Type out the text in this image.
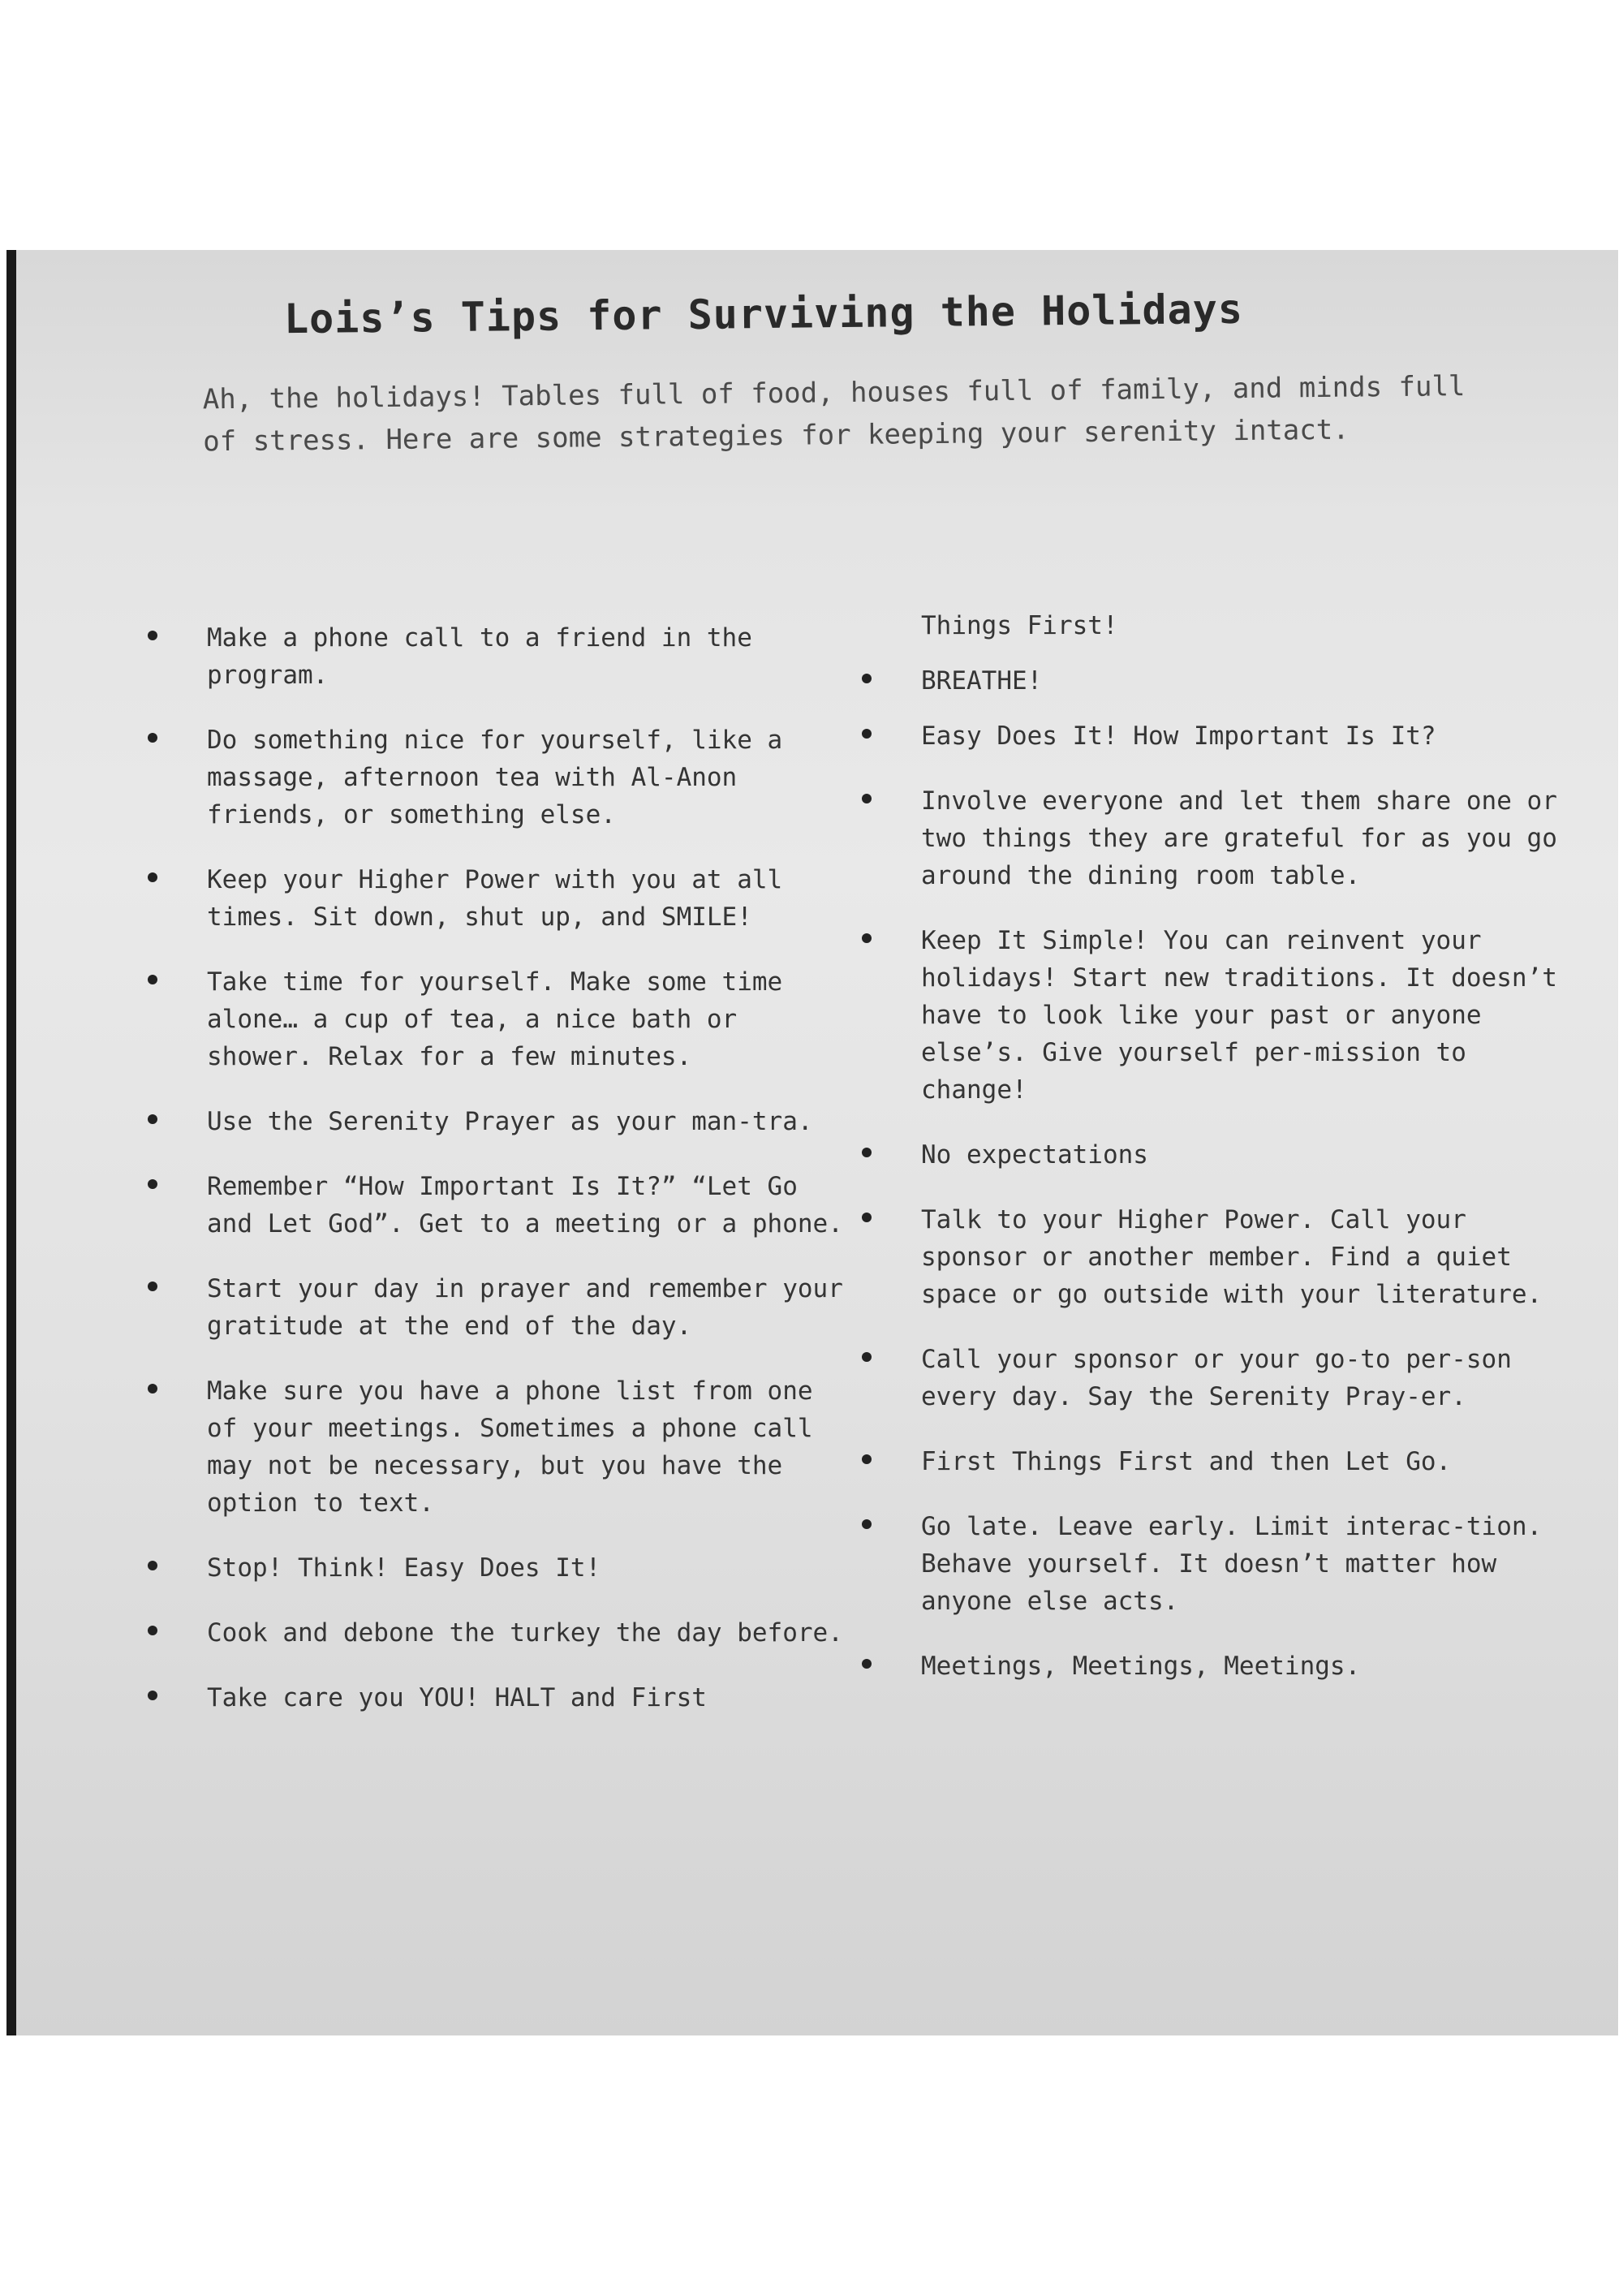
Lois’s Tips for Surviving the Holidays

Ah, the holidays! Tables full of food, houses full of family, and minds full of stress. Here are some strategies for keeping your serenity intact.

Make a phone call to a friend in the program.
Do something nice for yourself, like a massage, afternoon tea with Al-Anon friends, or something else.
Keep your Higher Power with you at all times. Sit down, shut up, and SMILE!
Take time for yourself. Make some time alone… a cup of tea, a nice bath or shower. Relax for a few minutes.
Use the Serenity Prayer as your man-tra.
Remember “How Important Is It?” “Let Go and Let God”. Get to a meeting or a phone.
Start your day in prayer and remember your gratitude at the end of the day.
Make sure you have a phone list from one of your meetings. Sometimes a phone call may not be necessary, but you have the option to text.
Stop! Think! Easy Does It!
Cook and debone the turkey the day before.
Take care you YOU! HALT and First
Things First!
BREATHE!
Easy Does It! How Important Is It?
Involve everyone and let them share one or two things they are grateful for as you go around the dining room table.
Keep It Simple! You can reinvent your holidays! Start new traditions. It doesn’t have to look like your past or anyone else’s. Give yourself per-mission to change!
No expectations
Talk to your Higher Power. Call your sponsor or another member. Find a quiet space or go outside with your literature.
Call your sponsor or your go-to per-son every day. Say the Serenity Pray-er.
First Things First and then Let Go.
Go late. Leave early. Limit interac-tion. Behave yourself. It doesn’t matter how anyone else acts.
Meetings, Meetings, Meetings.
